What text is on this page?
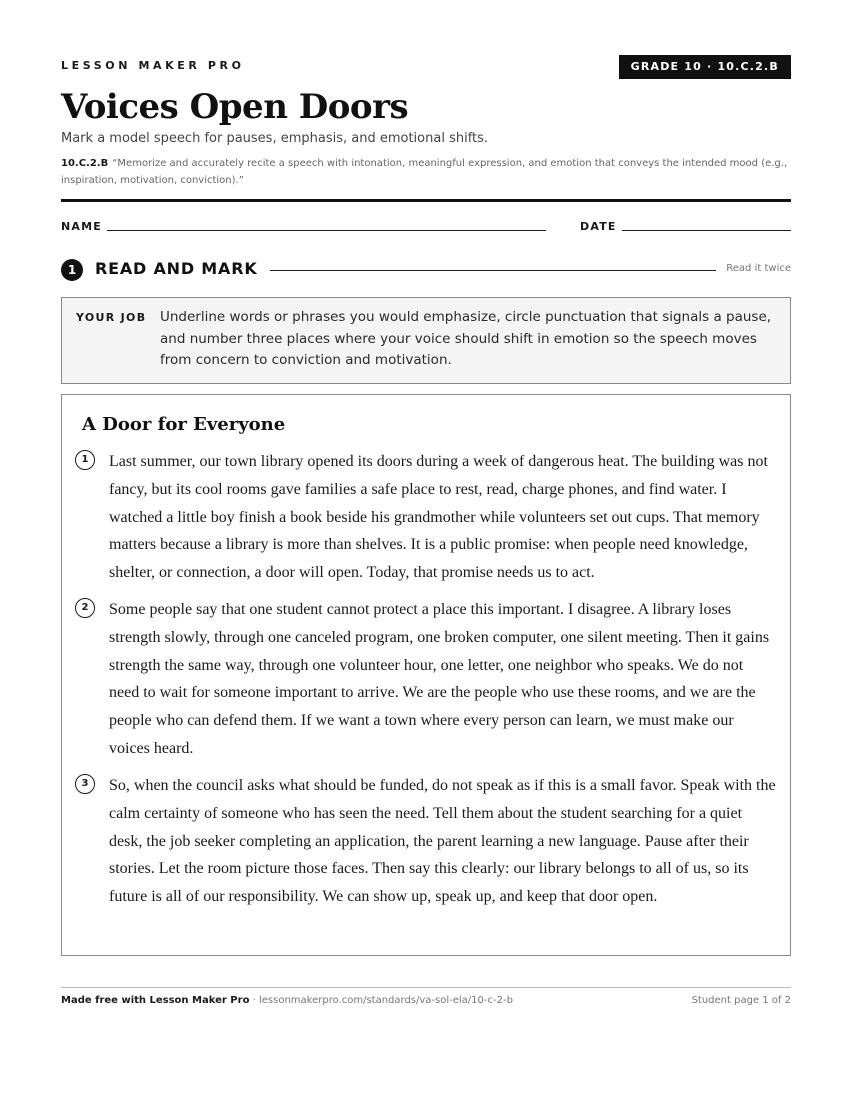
LESSON MAKER PRO	GRADE 10 · 10.C.2.B
Voices Open Doors
Mark a model speech for pauses, emphasis, and emotional shifts.
10.C.2.B “Memorize and accurately recite a speech with intonation, meaningful expression, and emotion that conveys the intended mood (e.g., inspiration, motivation, conviction).”
NAME	DATE
1	READ AND MARK	Read it twice
YOUR JOB Underline words or phrases you would emphasize, circle punctuation that signals a pause, and number three places where your voice should shift in emotion so the speech moves from concern to conviction and motivation.
A Door for Everyone
1	Last summer, our town library opened its doors during a week of dangerous heat. The building was not fancy, but its cool rooms gave families a safe place to rest, read, charge phones, and find water. I watched a little boy finish a book beside his grandmother while volunteers set out cups. That memory matters because a library is more than shelves. It is a public promise: when people need knowledge, shelter, or connection, a door will open. Today, that promise needs us to act.

2	Some people say that one student cannot protect a place this important. I disagree. A library loses strength slowly, through one canceled program, one broken computer, one silent meeting. Then it gains strength the same way, through one volunteer hour, one letter, one neighbor who speaks. We do not need to wait for someone important to arrive. We are the people who use these rooms, and we are the people who can defend them. If we want a town where every person can learn, we must make our voices heard.

3	So, when the council asks what should be funded, do not speak as if this is a small favor. Speak with the calm certainty of someone who has seen the need. Tell them about the student searching for a quiet desk, the job seeker completing an application, the parent learning a new language. Pause after their stories. Let the room picture those faces. Then say this clearly: our library belongs to all of us, so its future is all of our responsibility. We can show up, speak up, and keep that door open.

Made free with Lesson Maker Pro · lessonmakerpro.com/standards/va-sol-ela/10-c-2-b	Student page 1 of 2
